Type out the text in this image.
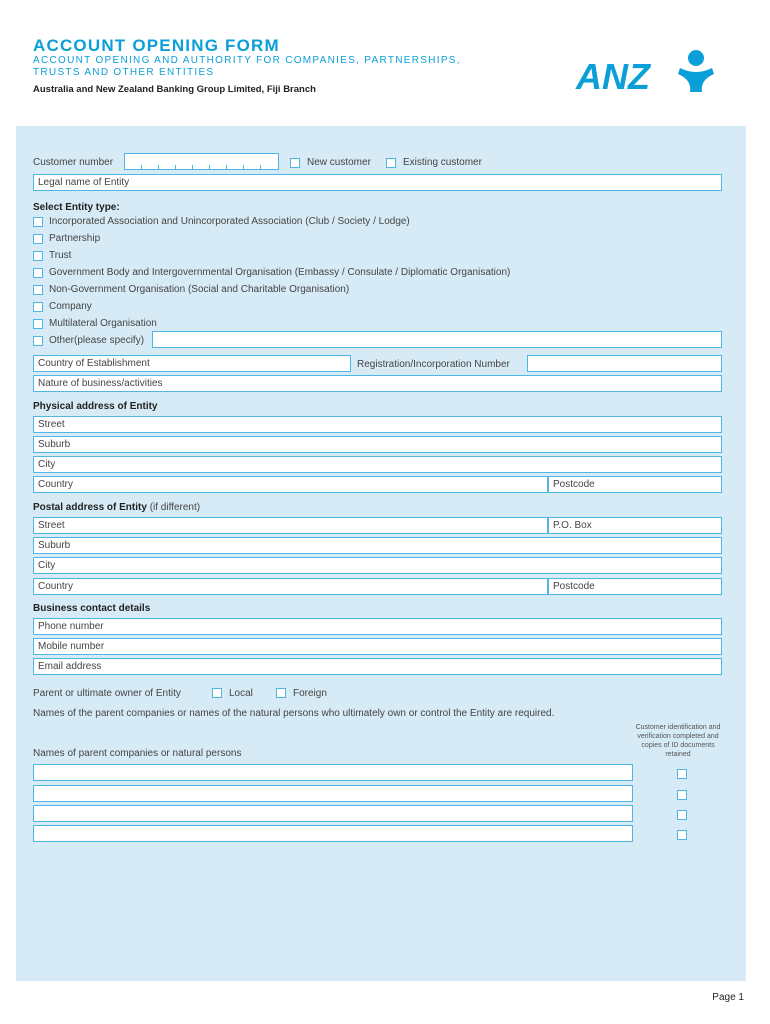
ACCOUNT OPENING FORM
ACCOUNT OPENING AND AUTHORITY FOR COMPANIES, PARTNERSHIPS, TRUSTS AND OTHER ENTITIES
Australia and New Zealand Banking Group Limited, Fiji Branch	ANZ
Customer number	New customer	Existing customer
Legal name of Entity
Select Entity type:
Incorporated Association and Unincorporated Association (Club / Society / Lodge)
Partnership
Trust
Government Body and Intergovernmental Organisation (Embassy / Consulate / Diplomatic Organisation)
Non-Government Organisation (Social and Charitable Organisation)
Company
Multilateral Organisation
Other(please specify)
Country of Establishment	Registration/Incorporation Number
Nature of business/activities
Physical address of Entity
Street
Suburb
City
Country	Postcode
Postal address of Entity (if different)
Street	P.O. Box
Suburb
City
Country	Postcode
Business contact details
Phone number
Mobile number
Email address
Parent or ultimate owner of Entity	Local	Foreign
Names of the parent companies or names of the natural persons who ultimately own or control the Entity are required.
Customer identification and verification completed and copies of ID documents retained
Names of parent companies or natural persons
Page 1
